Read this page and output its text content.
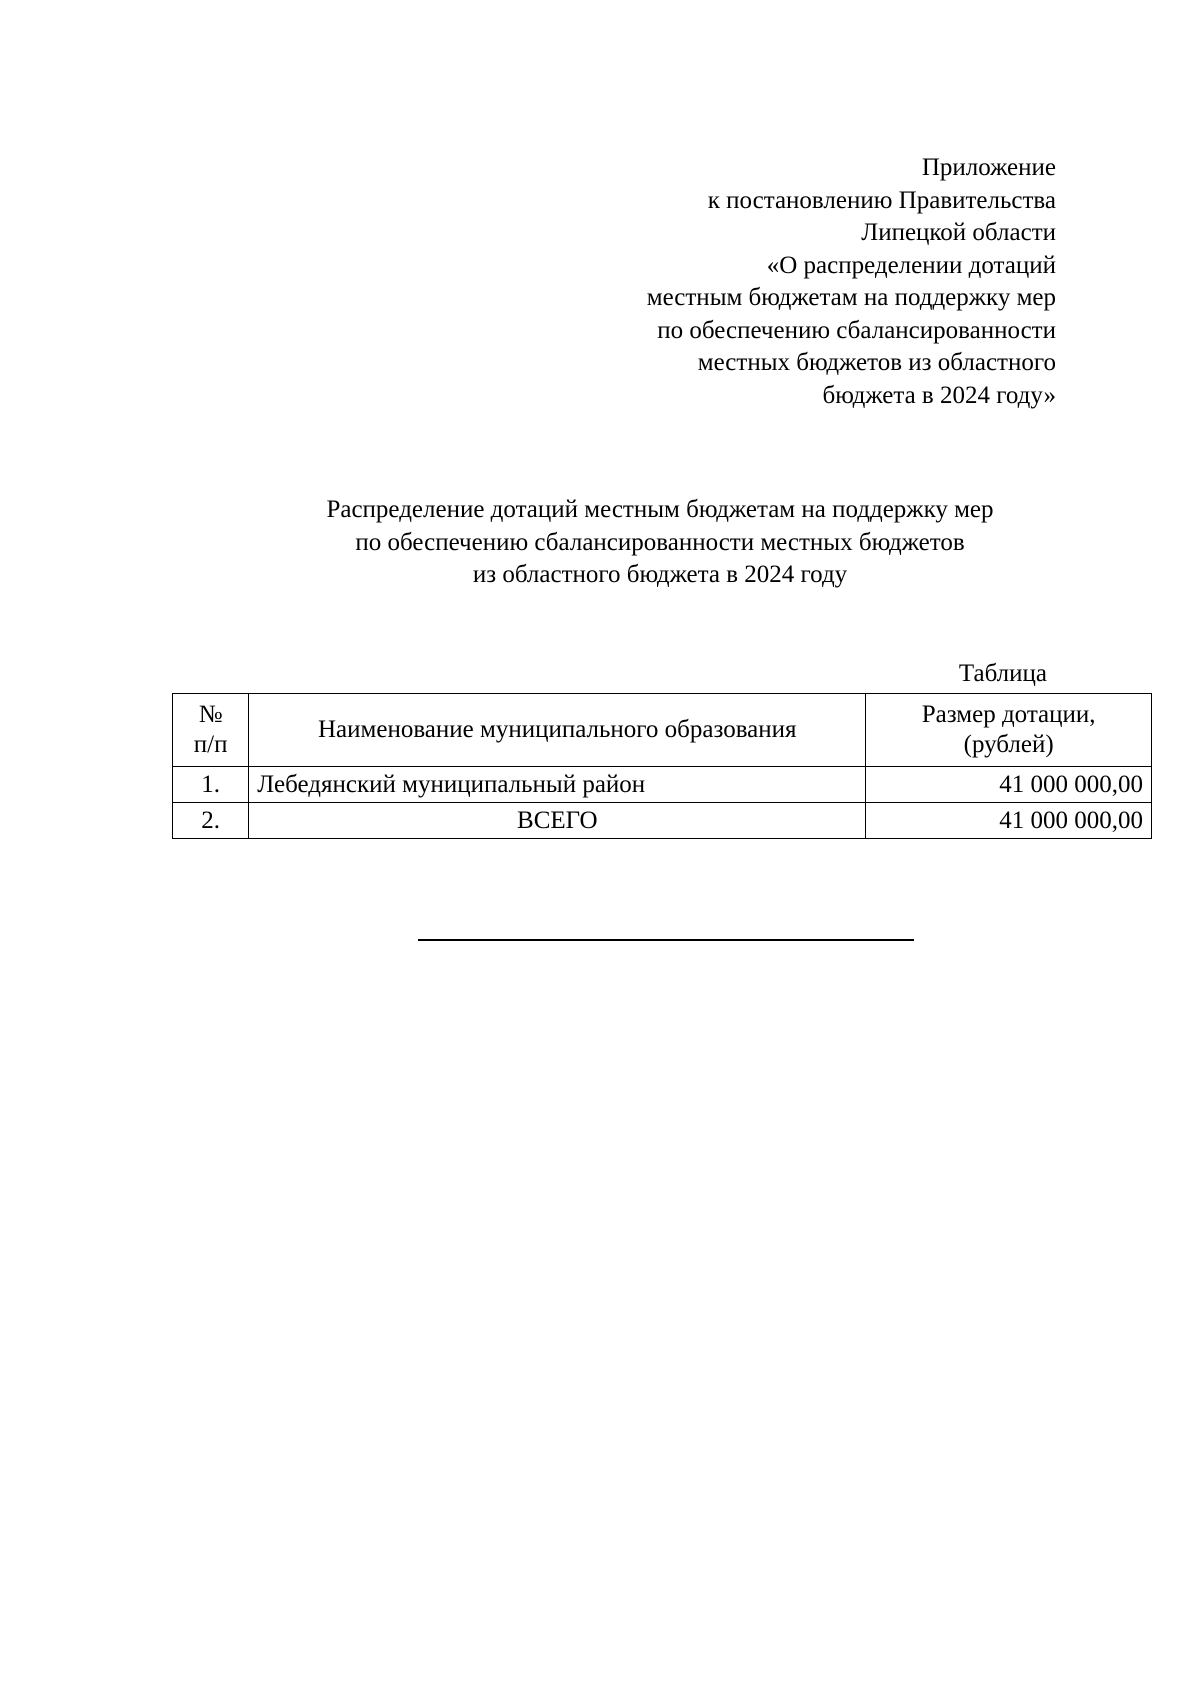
Приложение
к постановлению Правительства
Липецкой области
«О распределении дотаций
местным бюджетам на поддержку мер
по обеспечению сбалансированности
местных бюджетов из областного
бюджета в 2024 году»
Распределение дотаций местным бюджетам на поддержку мер
по обеспечению сбалансированности местных бюджетов
из областного бюджета в 2024 году
Таблица
№
п/п	Наименование муниципального образования	Размер дотации,
(рублей)
1.	Лебедянский муниципальный район	41 000 000,00
2.	ВСЕГО	41 000 000,00
